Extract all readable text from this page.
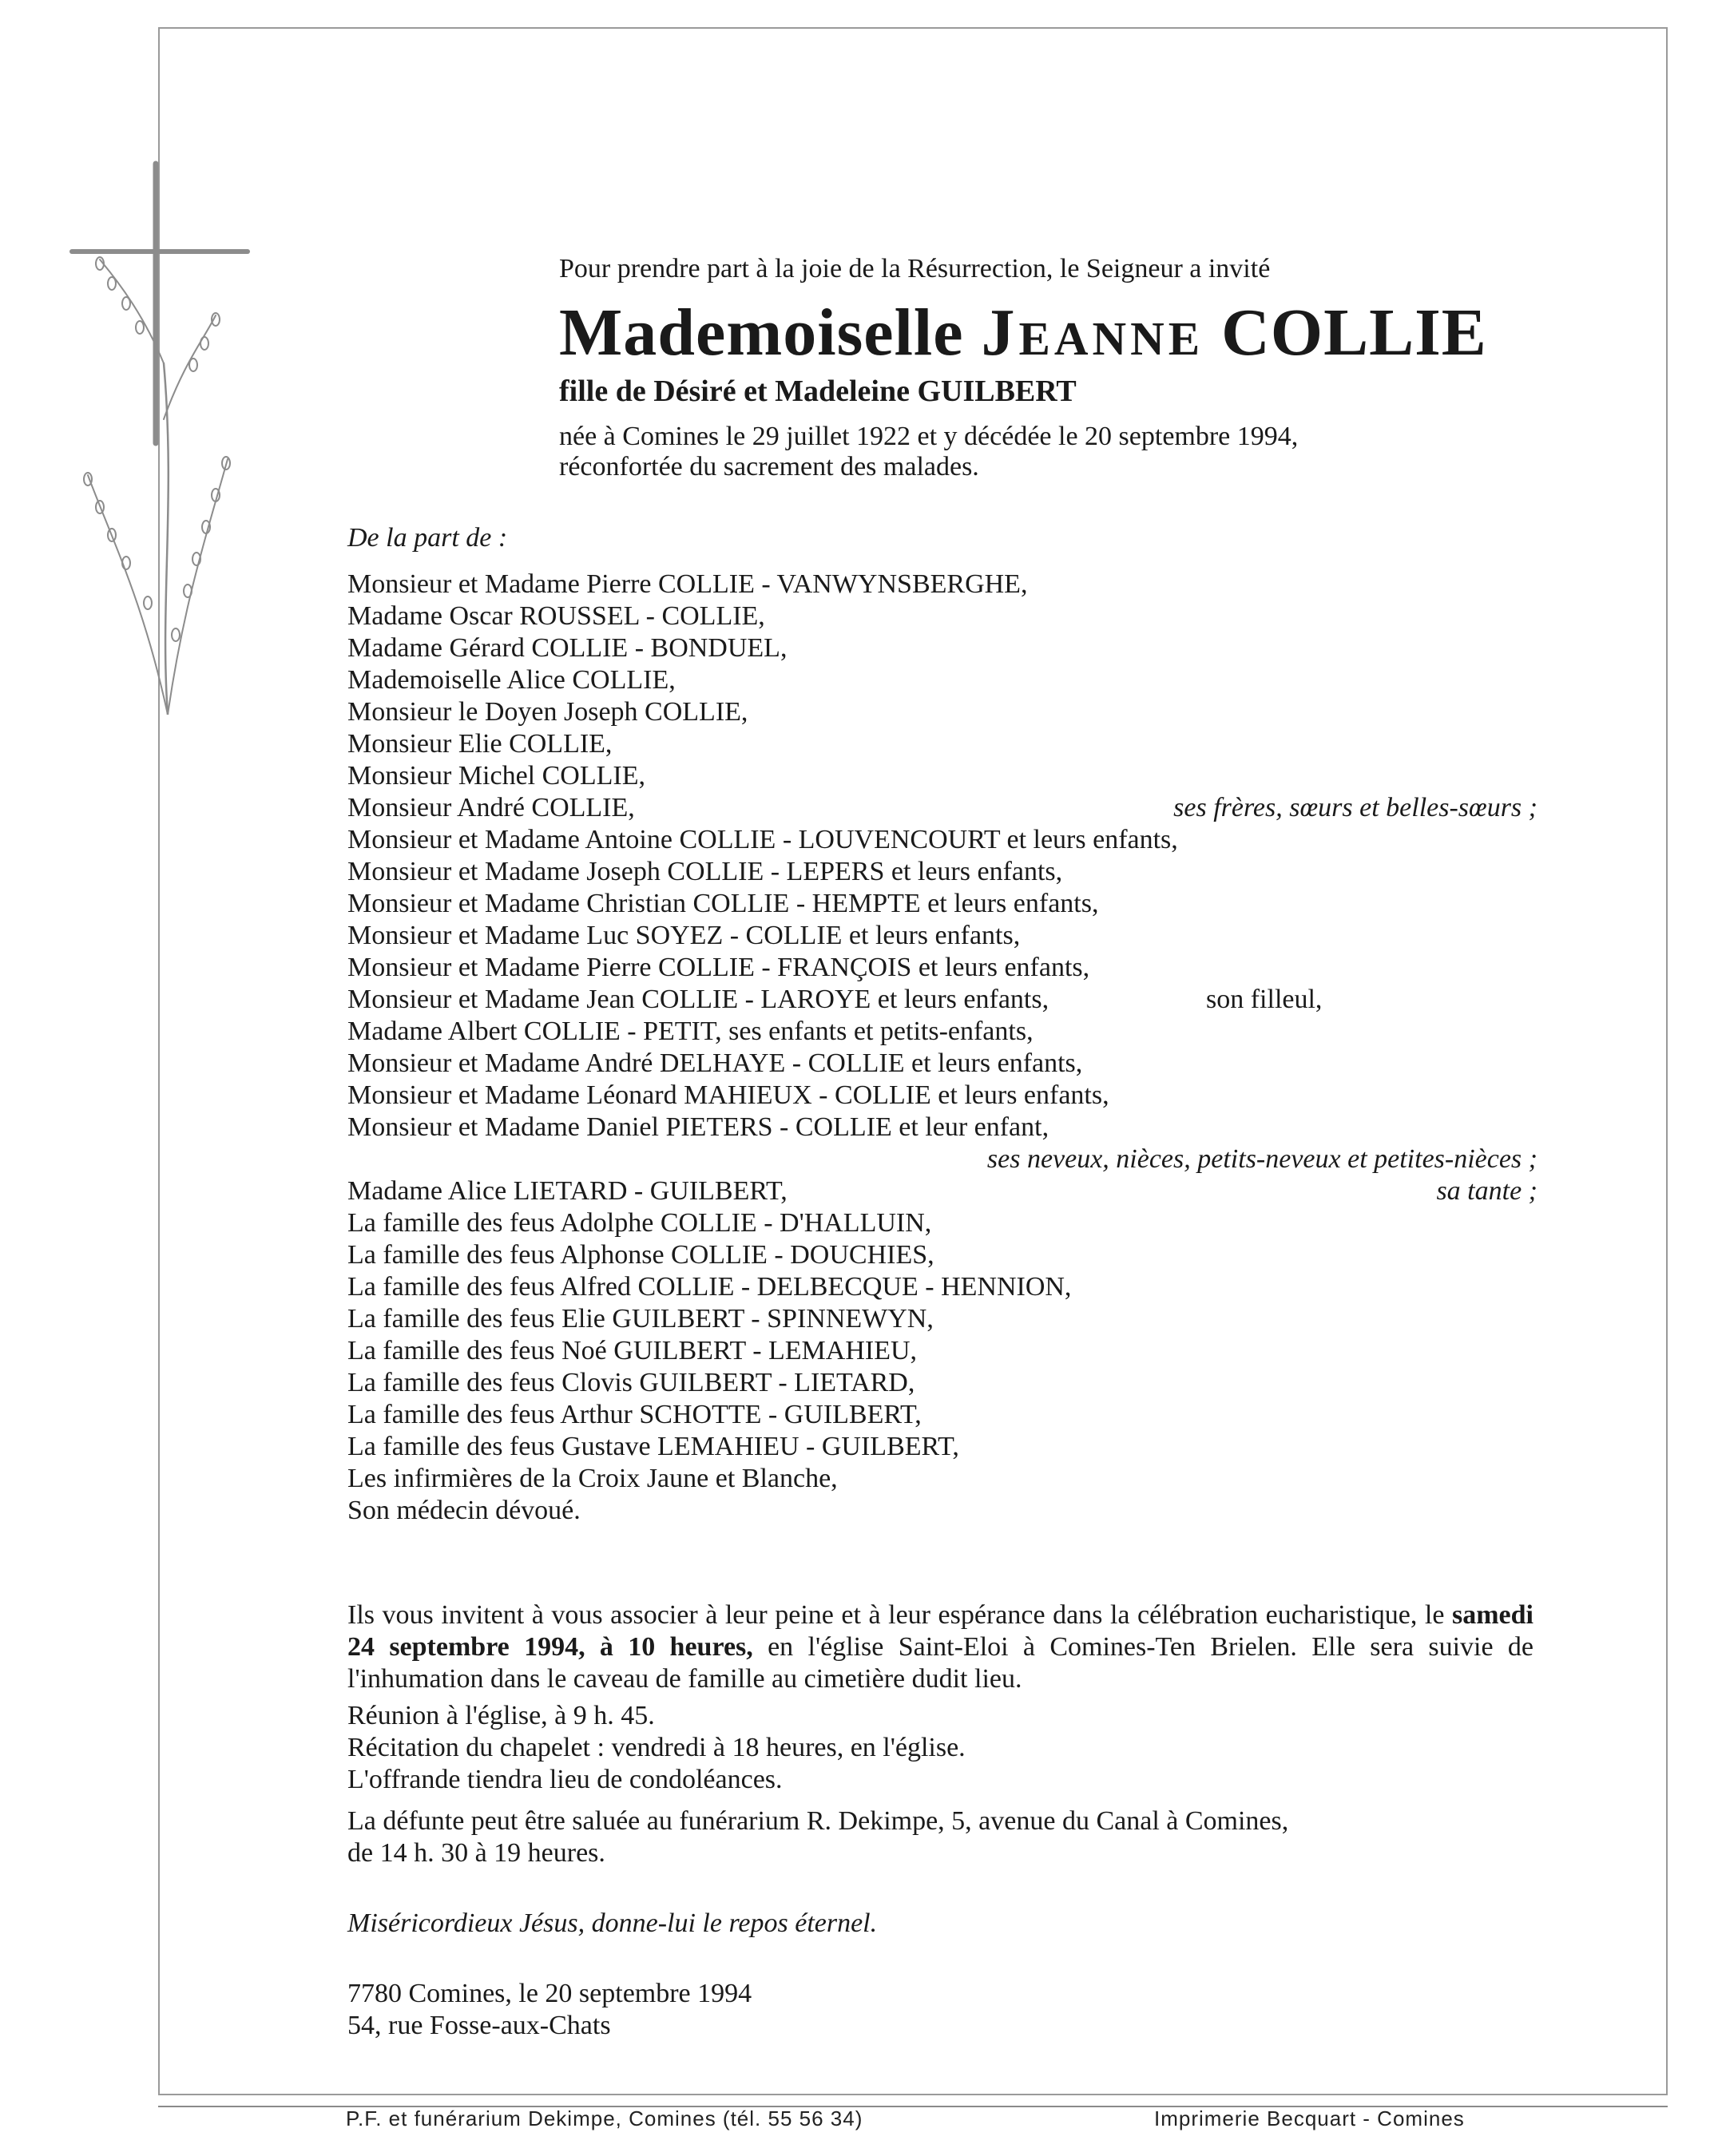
Pour prendre part à la joie de la Résurrection, le Seigneur a invité
Mademoiselle Jeanne COLLIE
fille de Désiré et Madeleine GUILBERT
née à Comines le 29 juillet 1922 et y décédée le 20 septembre 1994,
réconfortée du sacrement des malades.
De la part de :
Monsieur et Madame Pierre COLLIE - VANWYNSBERGHE,
Madame Oscar ROUSSEL - COLLIE,
Madame Gérard COLLIE - BONDUEL,
Mademoiselle Alice COLLIE,
Monsieur le Doyen Joseph COLLIE,
Monsieur Elie COLLIE,
Monsieur Michel COLLIE,
Monsieur André COLLIE,	ses frères, sœurs et belles-sœurs ;
Monsieur et Madame Antoine COLLIE - LOUVENCOURT et leurs enfants,
Monsieur et Madame Joseph COLLIE - LEPERS et leurs enfants,
Monsieur et Madame Christian COLLIE - HEMPTE et leurs enfants,
Monsieur et Madame Luc SOYEZ - COLLIE et leurs enfants,
Monsieur et Madame Pierre COLLIE - FRANÇOIS et leurs enfants,
Monsieur et Madame Jean COLLIE - LAROYE et leurs enfants,	son filleul,
Madame Albert COLLIE - PETIT, ses enfants et petits-enfants,
Monsieur et Madame André DELHAYE - COLLIE et leurs enfants,
Monsieur et Madame Léonard MAHIEUX - COLLIE et leurs enfants,
Monsieur et Madame Daniel PIETERS - COLLIE et leur enfant,
ses neveux, nièces, petits-neveux et petites-nièces ;
Madame Alice LIETARD - GUILBERT,	sa tante ;
La famille des feus Adolphe COLLIE - D'HALLUIN,
La famille des feus Alphonse COLLIE - DOUCHIES,
La famille des feus Alfred COLLIE - DELBECQUE - HENNION,
La famille des feus Elie GUILBERT - SPINNEWYN,
La famille des feus Noé GUILBERT - LEMAHIEU,
La famille des feus Clovis GUILBERT - LIETARD,
La famille des feus Arthur SCHOTTE - GUILBERT,
La famille des feus Gustave LEMAHIEU - GUILBERT,
Les infirmières de la Croix Jaune et Blanche,
Son médecin dévoué.
Ils vous invitent à vous associer à leur peine et à leur espérance dans la célébration eucharistique, le samedi 24 septembre 1994, à 10 heures, en l'église Saint-Eloi à Comines-Ten Brielen. Elle sera suivie de l'inhumation dans le caveau de famille au cimetière dudit lieu.
Réunion à l'église, à 9 h. 45.
Récitation du chapelet : vendredi à 18 heures, en l'église.
L'offrande tiendra lieu de condoléances.
La défunte peut être saluée au funérarium R. Dekimpe, 5, avenue du Canal à Comines,
de 14 h. 30 à 19 heures.
Miséricordieux Jésus, donne-lui le repos éternel.
7780 Comines, le 20 septembre 1994
54, rue Fosse-aux-Chats
P.F. et funérarium Dekimpe, Comines (tél. 55 56 34)	Imprimerie Becquart - Comines
